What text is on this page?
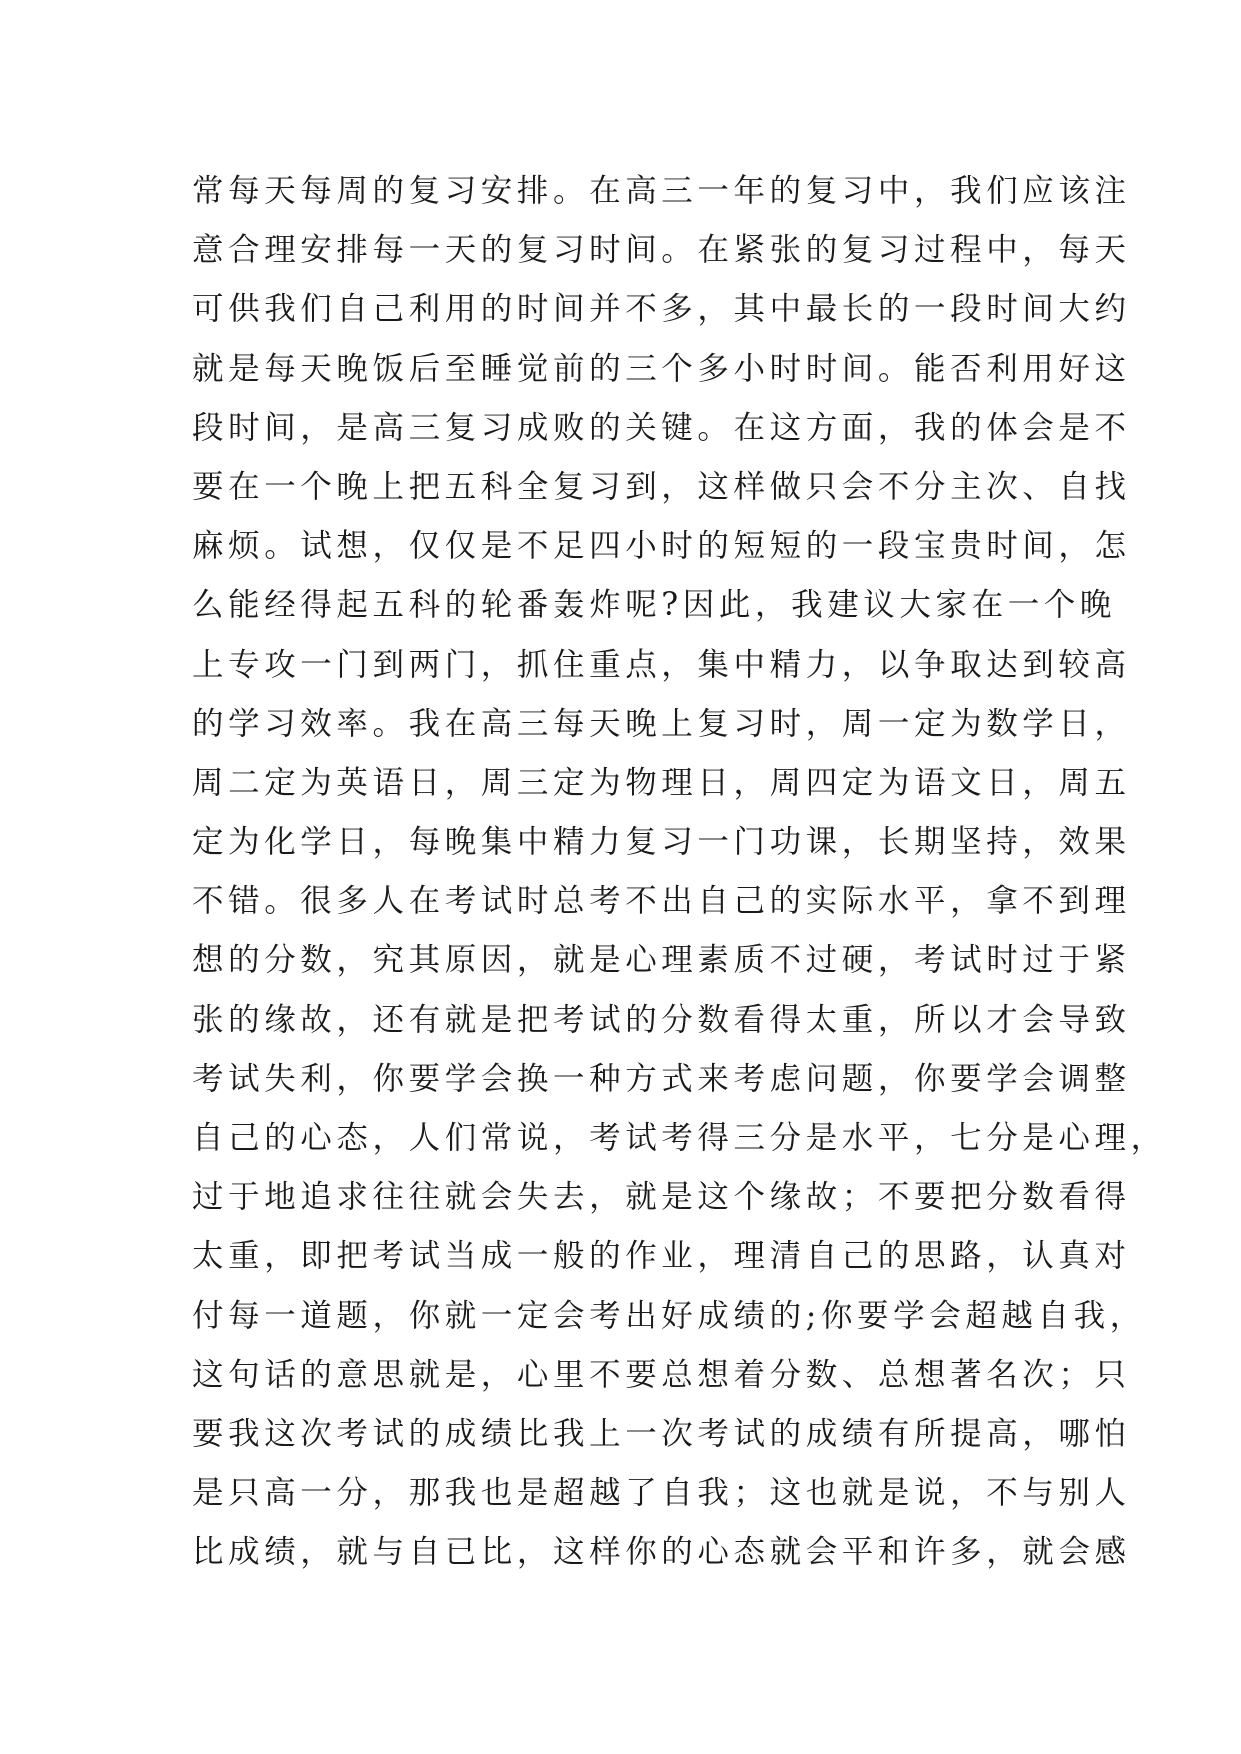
常每天每周的复习安排。在高三一年的复习中，我们应该注
意合理安排每一天的复习时间。在紧张的复习过程中，每天
可供我们自己利用的时间并不多，其中最长的一段时间大约
就是每天晚饭后至睡觉前的三个多小时时间。能否利用好这
段时间，是高三复习成败的关键。在这方面，我的体会是不
要在一个晚上把五科全复习到，这样做只会不分主次、自找
麻烦。试想，仅仅是不足四小时的短短的一段宝贵时间，怎
么能经得起五科的轮番轰炸呢?因此，我建议大家在一个晚
上专攻一门到两门，抓住重点，集中精力，以争取达到较高
的学习效率。我在高三每天晚上复习时，周一定为数学日，
周二定为英语日，周三定为物理日，周四定为语文日，周五
定为化学日，每晚集中精力复习一门功课，长期坚持，效果
不错。很多人在考试时总考不出自己的实际水平，拿不到理
想的分数，究其原因，就是心理素质不过硬，考试时过于紧
张的缘故，还有就是把考试的分数看得太重，所以才会导致
考试失利，你要学会换一种方式来考虑问题，你要学会调整
自己的心态，人们常说，考试考得三分是水平，七分是心理，
过于地追求往往就会失去，就是这个缘故；不要把分数看得
太重，即把考试当成一般的作业，理清自己的思路，认真对
付每一道题，你就一定会考出好成绩的;你要学会超越自我，
这句话的意思就是，心里不要总想着分数、总想著名次；只
要我这次考试的成绩比我上一次考试的成绩有所提高，哪怕
是只高一分，那我也是超越了自我；这也就是说，不与别人
比成绩，就与自已比，这样你的心态就会平和许多，就会感
